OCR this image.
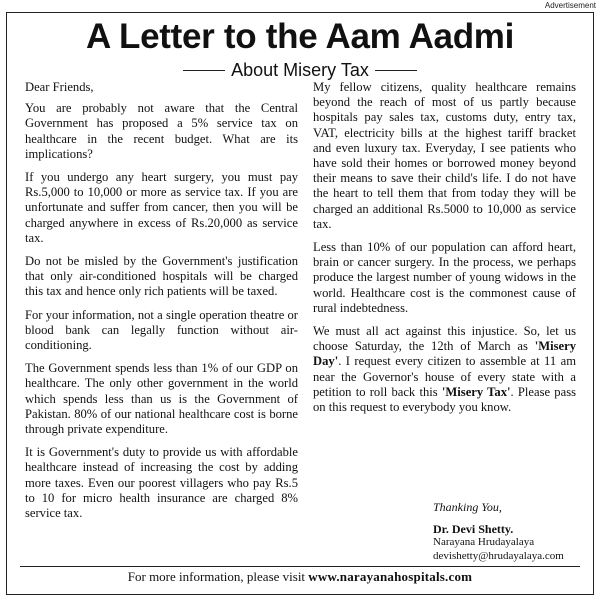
Advertisement
A Letter to the Aam Aadmi
About Misery Tax

Dear Friends,

You are probably not aware that the Central Government has proposed a 5% service tax on healthcare in the recent budget. What are its implications?

If you undergo any heart surgery, you must pay Rs.5,000 to 10,000 or more as service tax. If you are unfortunate and suffer from cancer, then you will be charged anywhere in excess of Rs.20,000 as service tax.

Do not be misled by the Government's justification that only air-conditioned hospitals will be charged this tax and hence only rich patients will be taxed.

For your information, not a single operation theatre or blood bank can legally function without air-conditioning.

The Government spends less than 1% of our GDP on healthcare. The only other government in the world which spends less than us is the Government of Pakistan. 80% of our national healthcare cost is borne through private expenditure.

It is Government's duty to provide us with affordable healthcare instead of increasing the cost by adding more taxes. Even our poorest villagers who pay Rs.5 to 10 for micro health insurance are charged 8% service tax.

My fellow citizens, quality healthcare remains beyond the reach of most of us partly because hospitals pay sales tax, customs duty, entry tax, VAT, electricity bills at the highest tariff bracket and even luxury tax. Everyday, I see patients who have sold their homes or borrowed money beyond their means to save their child's life. I do not have the heart to tell them that from today they will be charged an additional Rs.5000 to 10,000 as service tax.

Less than 10% of our population can afford heart, brain or cancer surgery. In the process, we perhaps produce the largest number of young widows in the world. Healthcare cost is the commonest cause of rural indebtedness.

We must all act against this injustice. So, let us choose Saturday, the 12th of March as 'Misery Day'. I request every citizen to assemble at 11 am near the Governor's house of every state with a petition to roll back this 'Misery Tax'. Please pass on this request to everybody you know.

Thanking You,
Dr. Devi Shetty.
Narayana Hrudayalaya
devishetty@hrudayalaya.com
For more information, please visit www.narayanahospitals.com
